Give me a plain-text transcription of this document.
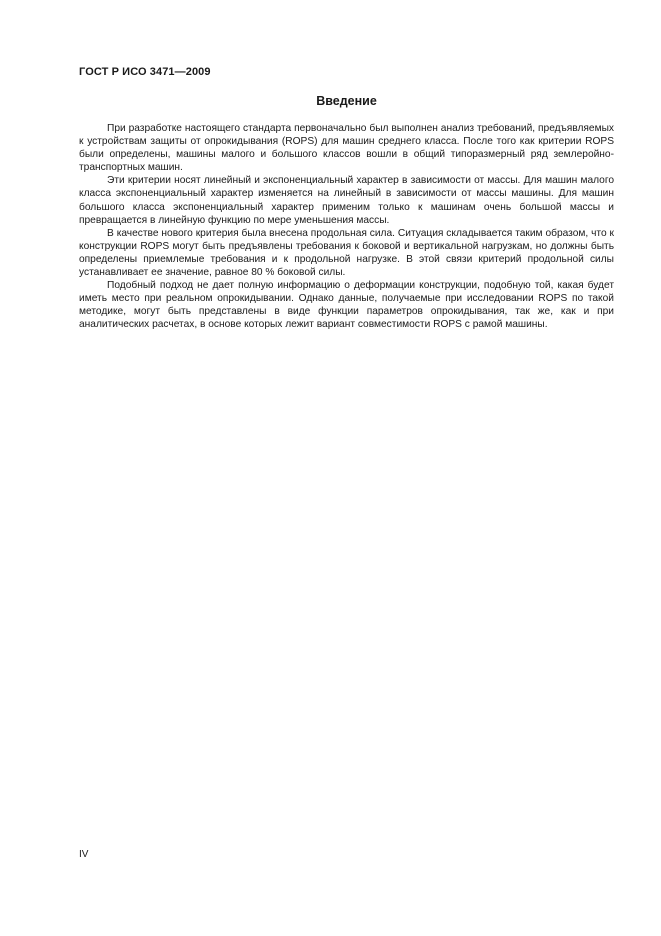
ГОСТ Р ИСО 3471—2009
Введение

При разработке настоящего стандарта первоначально был выполнен анализ требований, предъявляемых к устройствам защиты от опрокидывания (ROPS) для машин среднего класса. После того как критерии ROPS были определены, машины малого и большого классов вошли в общий типоразмерный ряд землеройно-транспортных машин.

Эти критерии носят линейный и экспоненциальный характер в зависимости от массы. Для машин малого класса экспоненциальный характер изменяется на линейный в зависимости от массы машины. Для машин большого класса экспоненциальный характер применим только к машинам очень большой массы и превращается в линейную функцию по мере уменьшения массы.

В качестве нового критерия была внесена продольная сила. Ситуация складывается таким образом, что к конструкции ROPS могут быть предъявлены требования к боковой и вертикальной нагрузкам, но должны быть определены приемлемые требования и к продольной нагрузке. В этой связи критерий продольной силы устанавливает ее значение, равное 80 % боковой силы.

Подобный подход не дает полную информацию о деформации конструкции, подобную той, какая будет иметь место при реальном опрокидывании. Однако данные, получаемые при исследовании ROPS по такой методике, могут быть представлены в виде функции параметров опрокидывания, так же, как и при аналитических расчетах, в основе которых лежит вариант совместимости ROPS с рамой машины.

IV
